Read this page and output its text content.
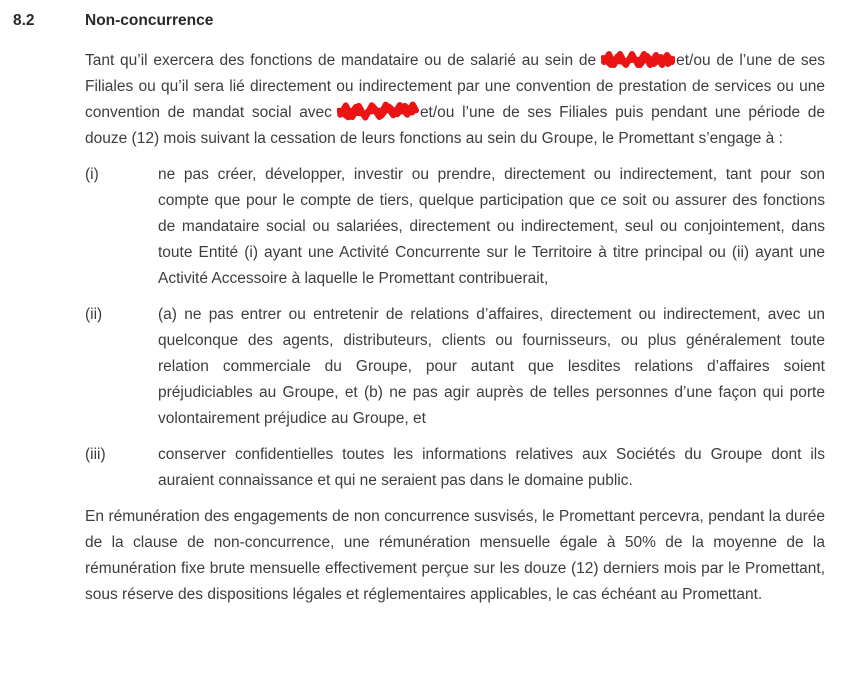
8.2	Non-concurrence

Tant qu’il exercera des fonctions de mandataire ou de salarié au sein de	et/ou de l’une de ses Filiales ou qu’il sera lié directement ou indirectement par une convention de prestation de services ou une convention de mandat social avec	et/ou l’une de ses Filiales puis pendant une période de douze (12) mois suivant la cessation de leurs fonctions au sein du Groupe, le Promettant s’engage à :

(i)	ne pas créer, développer, investir ou prendre, directement ou indirectement, tant pour son compte que pour le compte de tiers, quelque participation que ce soit ou assurer des fonctions de mandataire social ou salariées, directement ou indirectement, seul ou conjointement, dans toute Entité (i) ayant une Activité Concurrente sur le Territoire à titre principal ou (ii) ayant une Activité Accessoire à laquelle le Promettant contribuerait,
(ii)	(a) ne pas entrer ou entretenir de relations d’affaires, directement ou indirectement, avec un quelconque des agents, distributeurs, clients ou fournisseurs, ou plus généralement toute relation commerciale du Groupe, pour autant que lesdites relations d’affaires soient préjudiciables au Groupe, et (b) ne pas agir auprès de telles personnes d’une façon qui porte volontairement préjudice au Groupe, et
(iii)	conserver confidentielles toutes les informations relatives aux Sociétés du Groupe dont ils auraient connaissance et qui ne seraient pas dans le domaine public.

En rémunération des engagements de non concurrence susvisés, le Promettant percevra, pendant la durée de la clause de non-concurrence, une rémunération mensuelle égale à 50% de la moyenne de la rémunération fixe brute mensuelle effectivement perçue sur les douze (12) derniers mois par le Promettant, sous réserve des dispositions légales et réglementaires applicables, le cas échéant au Promettant.
